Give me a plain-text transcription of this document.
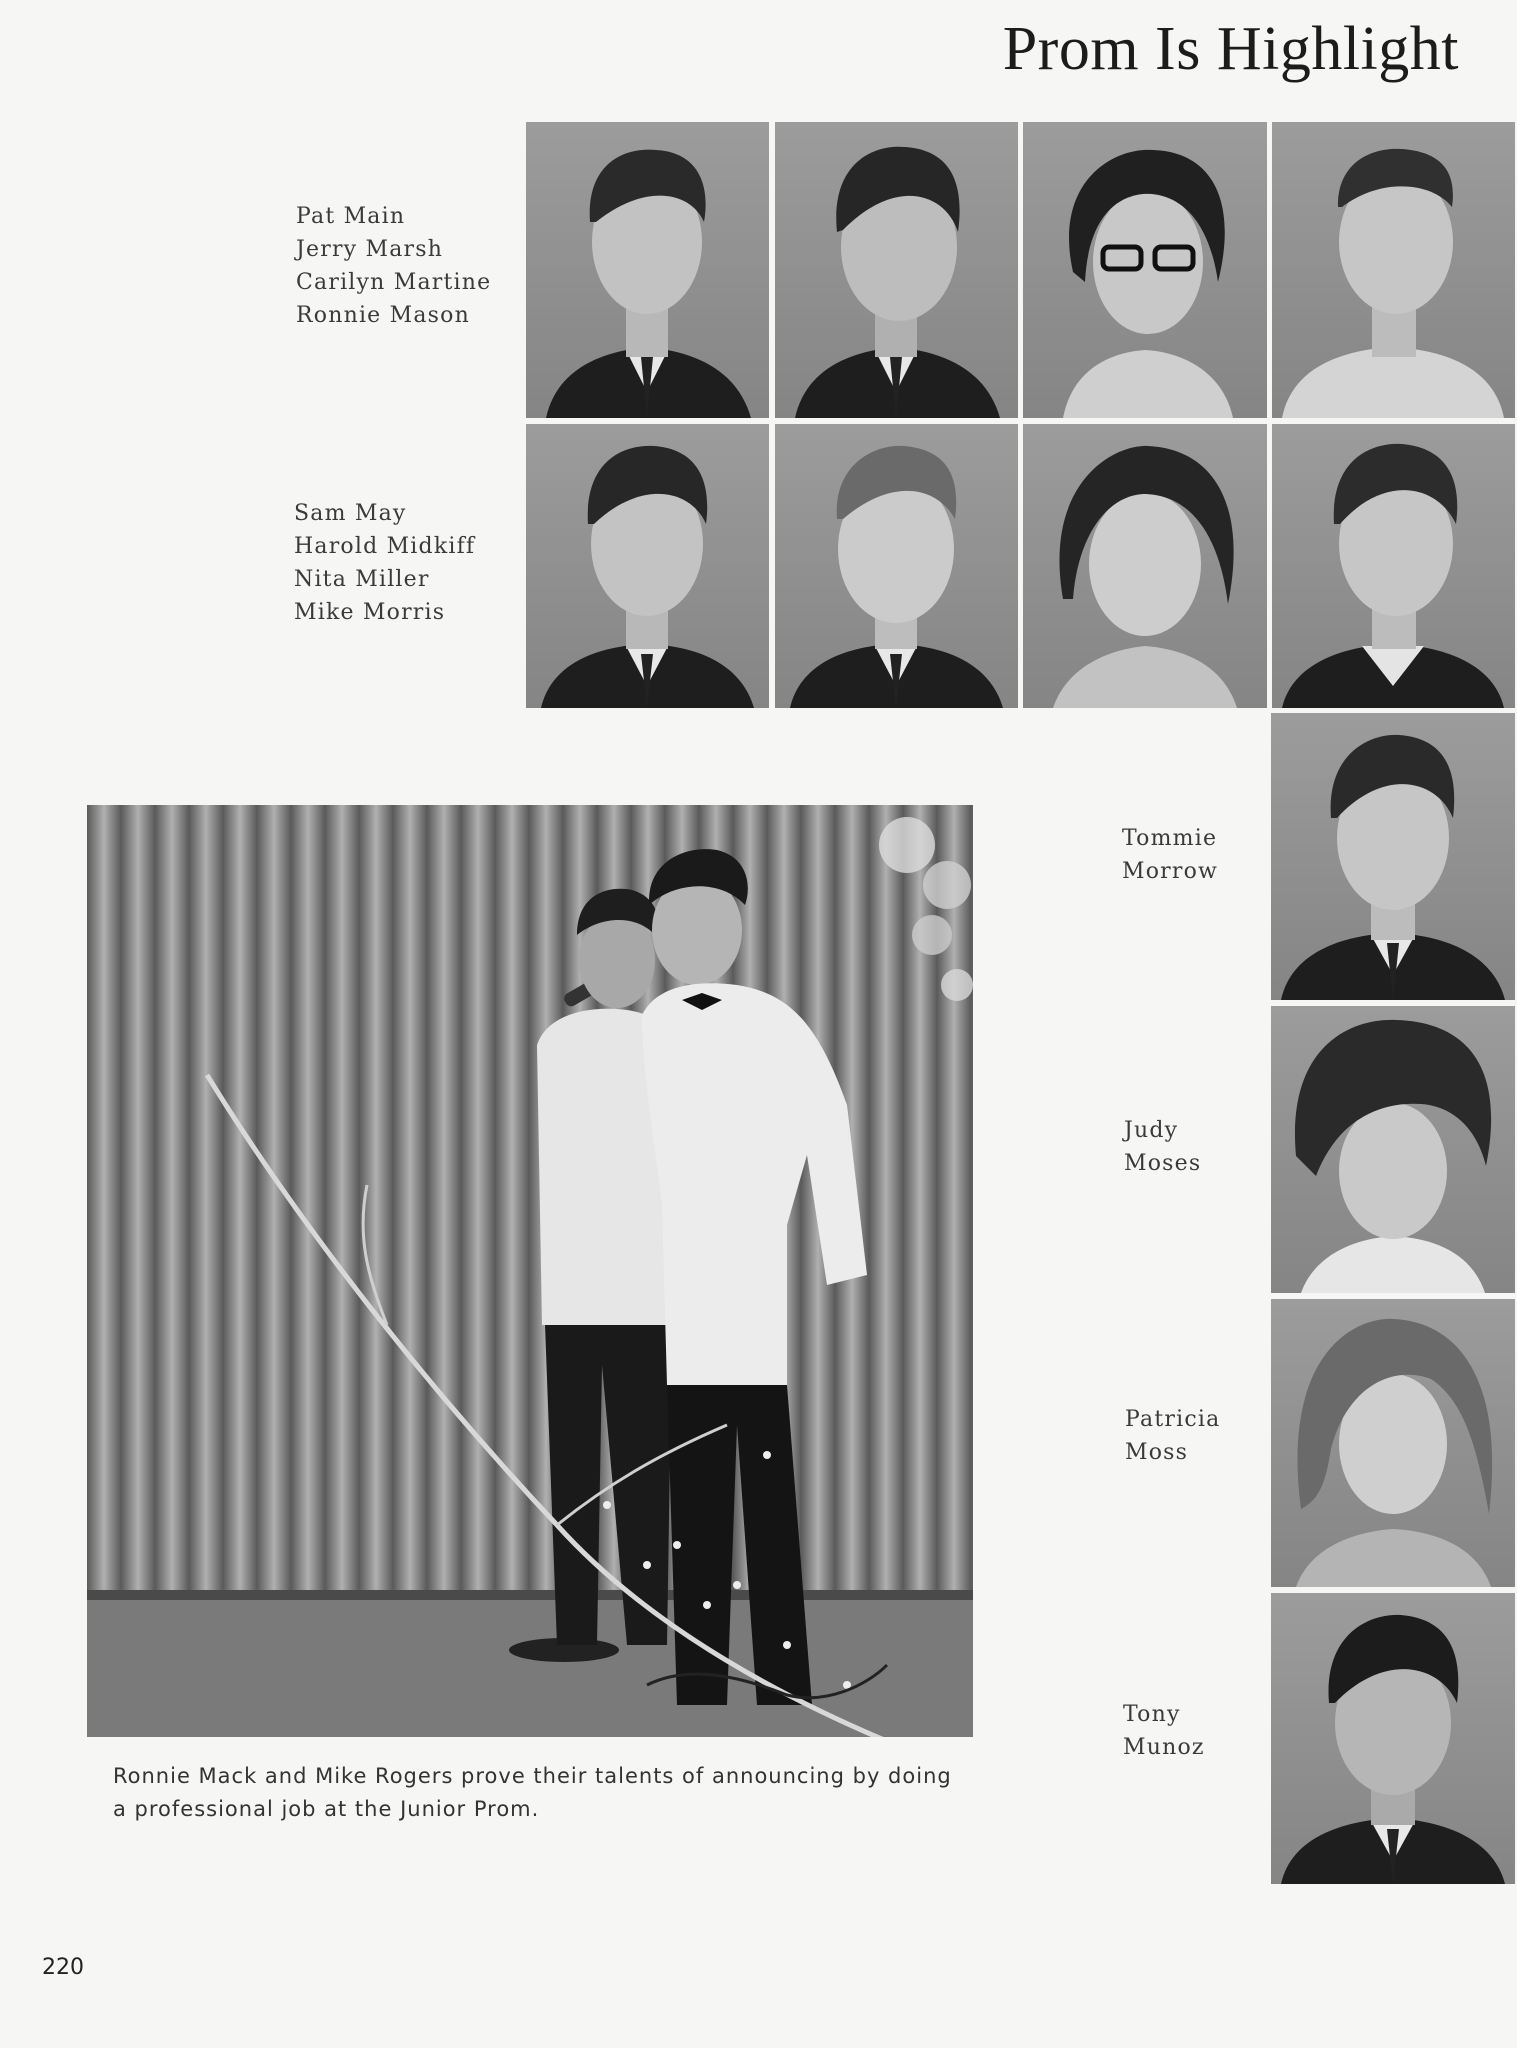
Prom Is Highlight
Pat Main
Jerry Marsh
Carilyn Martine
Ronnie Mason
Sam May
Harold Midkiff
Nita Miller
Mike Morris
Tommie
Morrow
Judy
Moses
Patricia
Moss
Tony
Munoz
Ronnie Mack and Mike Rogers prove their talents of announcing by doing
a professional job at the Junior Prom.
220
